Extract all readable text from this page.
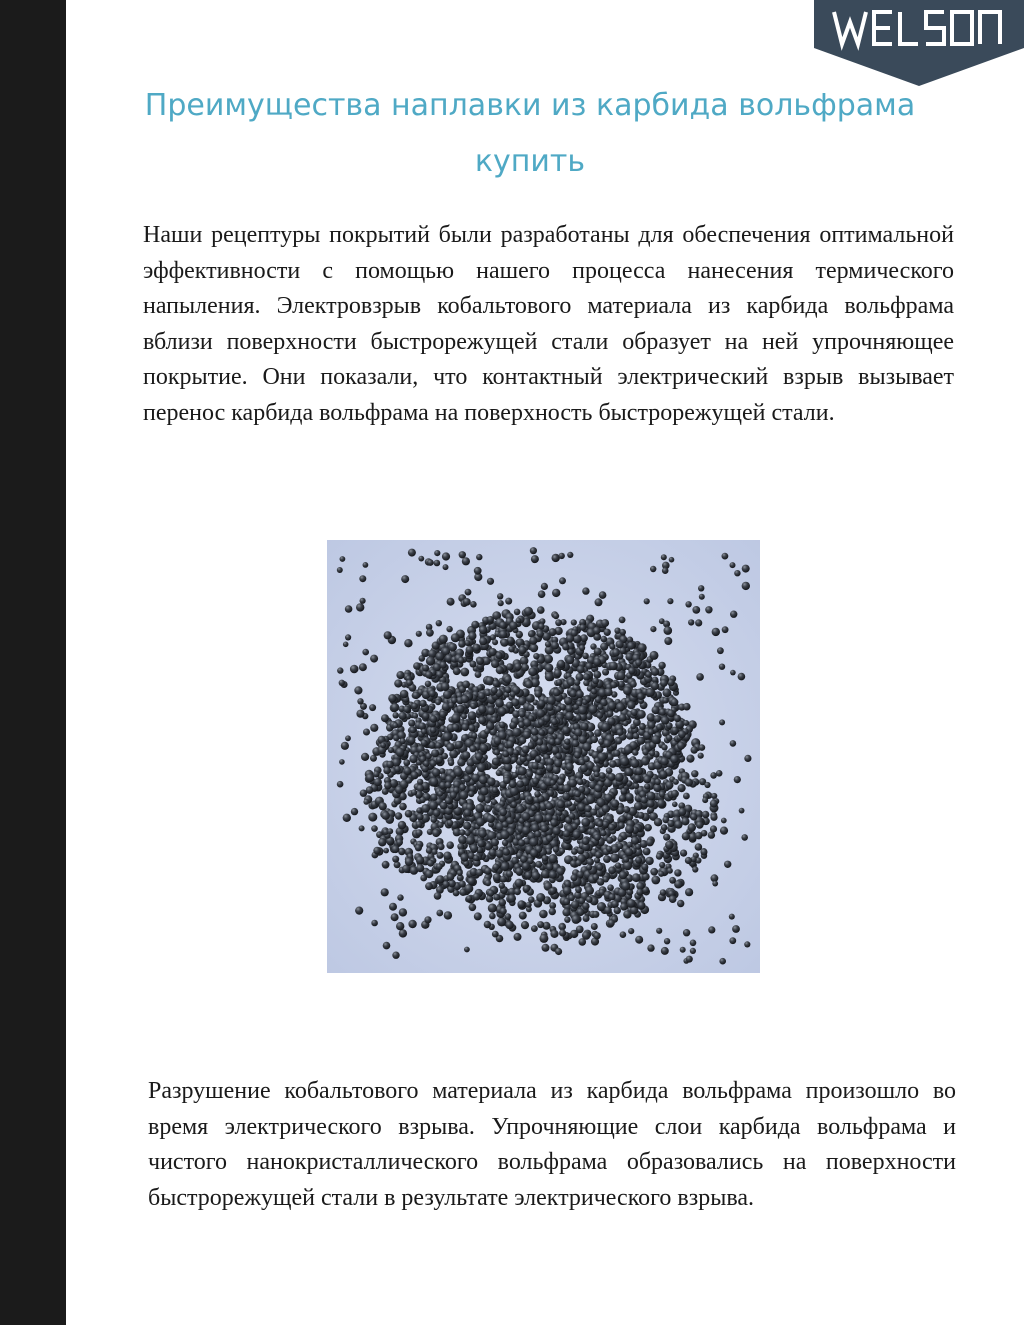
Преимущества наплавки из карбида вольфрама купить

Наши рецептуры покрытий были разработаны для обеспечения оптимальной эффективности с помощью нашего процесса нанесения термического напыления. Электровзрыв кобальтового материала из карбида вольфрама вблизи поверхности быстрорежущей стали образует на ней упрочняющее покрытие. Они показали, что контактный электрический взрыв вызывает перенос карбида вольфрама на поверхность быстрорежущей стали.

Разрушение кобальтового материала из карбида вольфрама произошло во время электрического взрыва. Упрочняющие слои карбида вольфрама и чистого нанокристаллического вольфрама образовались на поверхности быстрорежущей стали в результате электрического взрыва.
